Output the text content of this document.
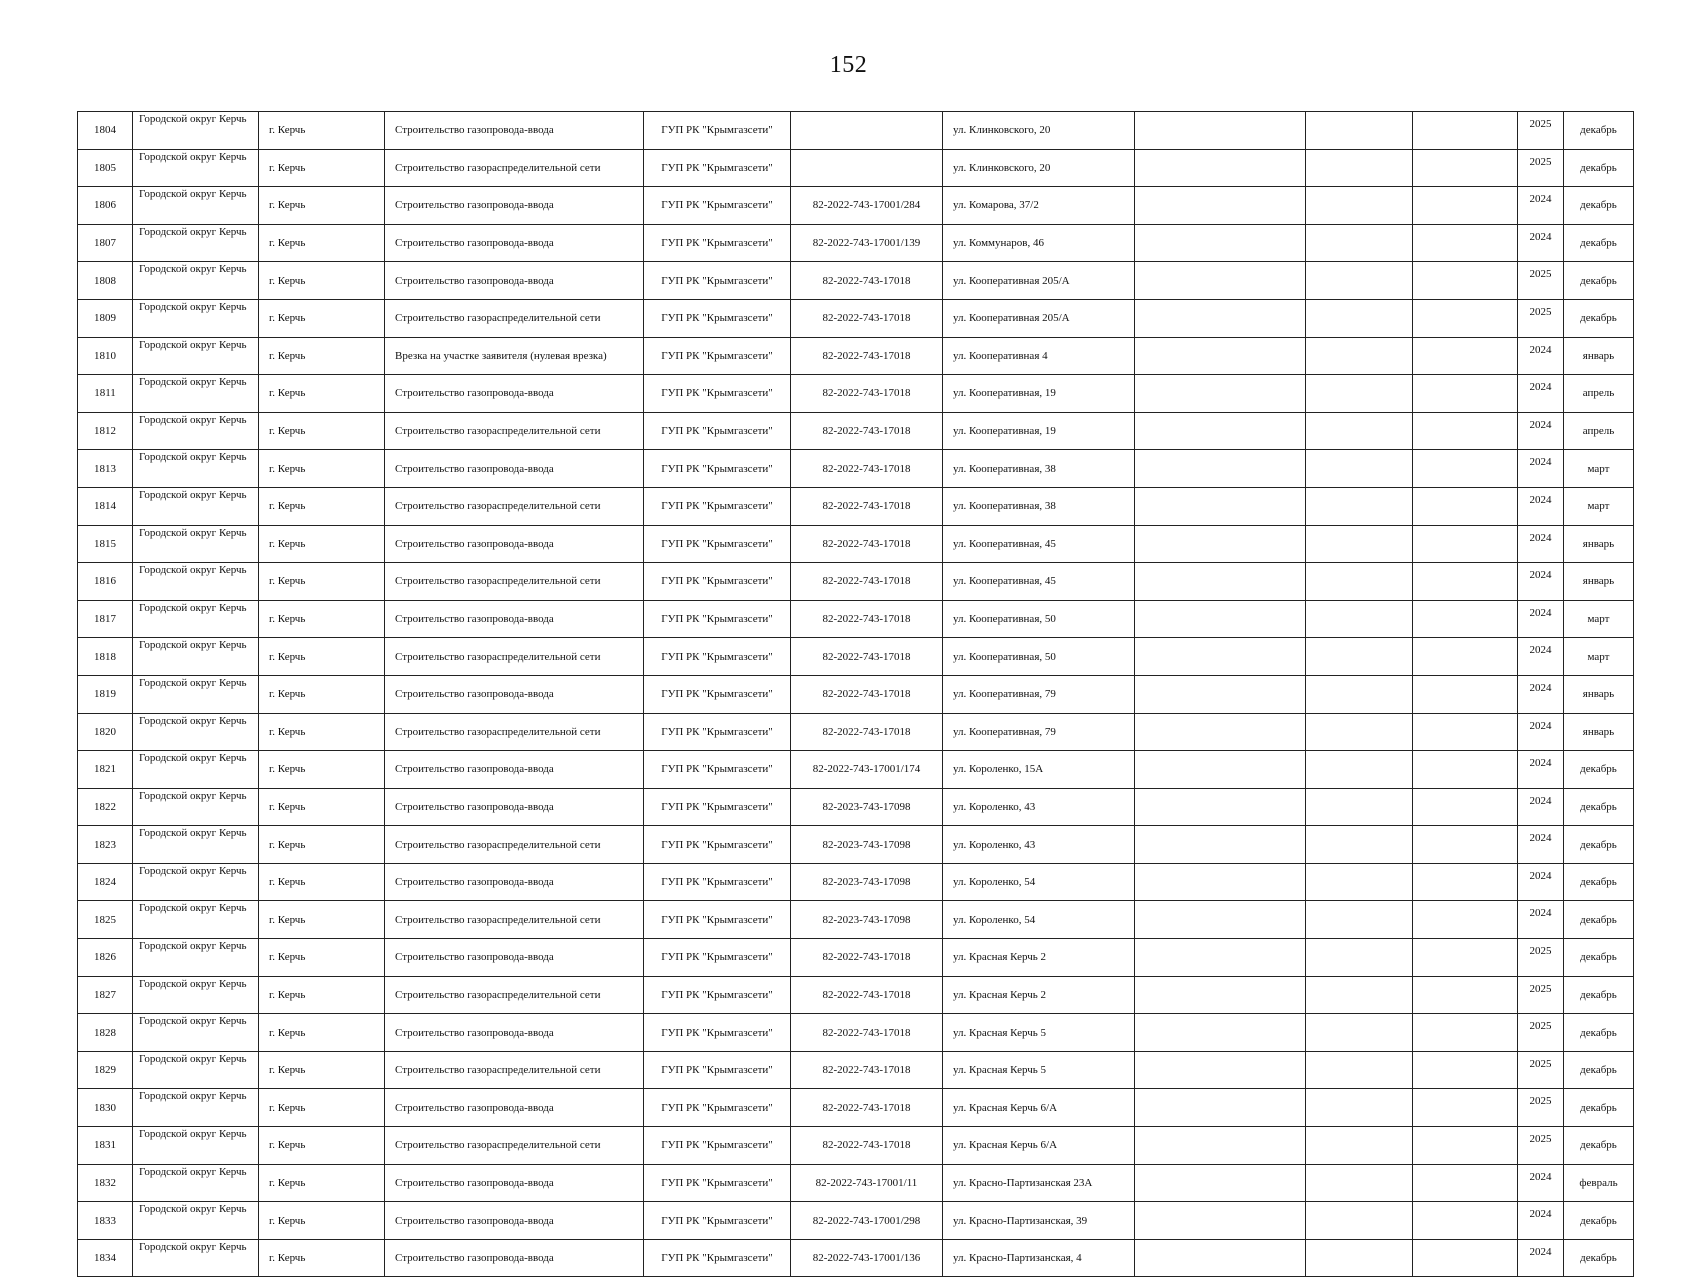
152
1804	Городской округ Керчь	г. Керчь	Строительство газопровода-ввода	ГУП РК "Крымгазсети"		ул. Клинковского, 20				2025	декабрь
1805	Городской округ Керчь	г. Керчь	Строительство газораспределительной сети	ГУП РК "Крымгазсети"		ул. Клинковского, 20				2025	декабрь
1806	Городской округ Керчь	г. Керчь	Строительство газопровода-ввода	ГУП РК "Крымгазсети"	82-2022-743-17001/284	ул. Комарова, 37/2				2024	декабрь
1807	Городской округ Керчь	г. Керчь	Строительство газопровода-ввода	ГУП РК "Крымгазсети"	82-2022-743-17001/139	ул. Коммунаров, 46				2024	декабрь
1808	Городской округ Керчь	г. Керчь	Строительство газопровода-ввода	ГУП РК "Крымгазсети"	82-2022-743-17018	ул. Кооперативная 205/А				2025	декабрь
1809	Городской округ Керчь	г. Керчь	Строительство газораспределительной сети	ГУП РК "Крымгазсети"	82-2022-743-17018	ул. Кооперативная 205/А				2025	декабрь
1810	Городской округ Керчь	г. Керчь	Врезка на участке заявителя (нулевая врезка)	ГУП РК "Крымгазсети"	82-2022-743-17018	ул. Кооперативная 4				2024	январь
1811	Городской округ Керчь	г. Керчь	Строительство газопровода-ввода	ГУП РК "Крымгазсети"	82-2022-743-17018	ул. Кооперативная, 19				2024	апрель
1812	Городской округ Керчь	г. Керчь	Строительство газораспределительной сети	ГУП РК "Крымгазсети"	82-2022-743-17018	ул. Кооперативная, 19				2024	апрель
1813	Городской округ Керчь	г. Керчь	Строительство газопровода-ввода	ГУП РК "Крымгазсети"	82-2022-743-17018	ул. Кооперативная, 38				2024	март
1814	Городской округ Керчь	г. Керчь	Строительство газораспределительной сети	ГУП РК "Крымгазсети"	82-2022-743-17018	ул. Кооперативная, 38				2024	март
1815	Городской округ Керчь	г. Керчь	Строительство газопровода-ввода	ГУП РК "Крымгазсети"	82-2022-743-17018	ул. Кооперативная, 45				2024	январь
1816	Городской округ Керчь	г. Керчь	Строительство газораспределительной сети	ГУП РК "Крымгазсети"	82-2022-743-17018	ул. Кооперативная, 45				2024	январь
1817	Городской округ Керчь	г. Керчь	Строительство газопровода-ввода	ГУП РК "Крымгазсети"	82-2022-743-17018	ул. Кооперативная, 50				2024	март
1818	Городской округ Керчь	г. Керчь	Строительство газораспределительной сети	ГУП РК "Крымгазсети"	82-2022-743-17018	ул. Кооперативная, 50				2024	март
1819	Городской округ Керчь	г. Керчь	Строительство газопровода-ввода	ГУП РК "Крымгазсети"	82-2022-743-17018	ул. Кооперативная, 79				2024	январь
1820	Городской округ Керчь	г. Керчь	Строительство газораспределительной сети	ГУП РК "Крымгазсети"	82-2022-743-17018	ул. Кооперативная, 79				2024	январь
1821	Городской округ Керчь	г. Керчь	Строительство газопровода-ввода	ГУП РК "Крымгазсети"	82-2022-743-17001/174	ул. Короленко, 15А				2024	декабрь
1822	Городской округ Керчь	г. Керчь	Строительство газопровода-ввода	ГУП РК "Крымгазсети"	82-2023-743-17098	ул. Короленко, 43				2024	декабрь
1823	Городской округ Керчь	г. Керчь	Строительство газораспределительной сети	ГУП РК "Крымгазсети"	82-2023-743-17098	ул. Короленко, 43				2024	декабрь
1824	Городской округ Керчь	г. Керчь	Строительство газопровода-ввода	ГУП РК "Крымгазсети"	82-2023-743-17098	ул. Короленко, 54				2024	декабрь
1825	Городской округ Керчь	г. Керчь	Строительство газораспределительной сети	ГУП РК "Крымгазсети"	82-2023-743-17098	ул. Короленко, 54				2024	декабрь
1826	Городской округ Керчь	г. Керчь	Строительство газопровода-ввода	ГУП РК "Крымгазсети"	82-2022-743-17018	ул. Красная Керчь 2				2025	декабрь
1827	Городской округ Керчь	г. Керчь	Строительство газораспределительной сети	ГУП РК "Крымгазсети"	82-2022-743-17018	ул. Красная Керчь 2				2025	декабрь
1828	Городской округ Керчь	г. Керчь	Строительство газопровода-ввода	ГУП РК "Крымгазсети"	82-2022-743-17018	ул. Красная Керчь 5				2025	декабрь
1829	Городской округ Керчь	г. Керчь	Строительство газораспределительной сети	ГУП РК "Крымгазсети"	82-2022-743-17018	ул. Красная Керчь 5				2025	декабрь
1830	Городской округ Керчь	г. Керчь	Строительство газопровода-ввода	ГУП РК "Крымгазсети"	82-2022-743-17018	ул. Красная Керчь 6/А				2025	декабрь
1831	Городской округ Керчь	г. Керчь	Строительство газораспределительной сети	ГУП РК "Крымгазсети"	82-2022-743-17018	ул. Красная Керчь 6/А				2025	декабрь
1832	Городской округ Керчь	г. Керчь	Строительство газопровода-ввода	ГУП РК "Крымгазсети"	82-2022-743-17001/11	ул. Красно-Партизанская 23А				2024	февраль
1833	Городской округ Керчь	г. Керчь	Строительство газопровода-ввода	ГУП РК "Крымгазсети"	82-2022-743-17001/298	ул. Красно-Партизанская, 39				2024	декабрь
1834	Городской округ Керчь	г. Керчь	Строительство газопровода-ввода	ГУП РК "Крымгазсети"	82-2022-743-17001/136	ул. Красно-Партизанская, 4				2024	декабрь
